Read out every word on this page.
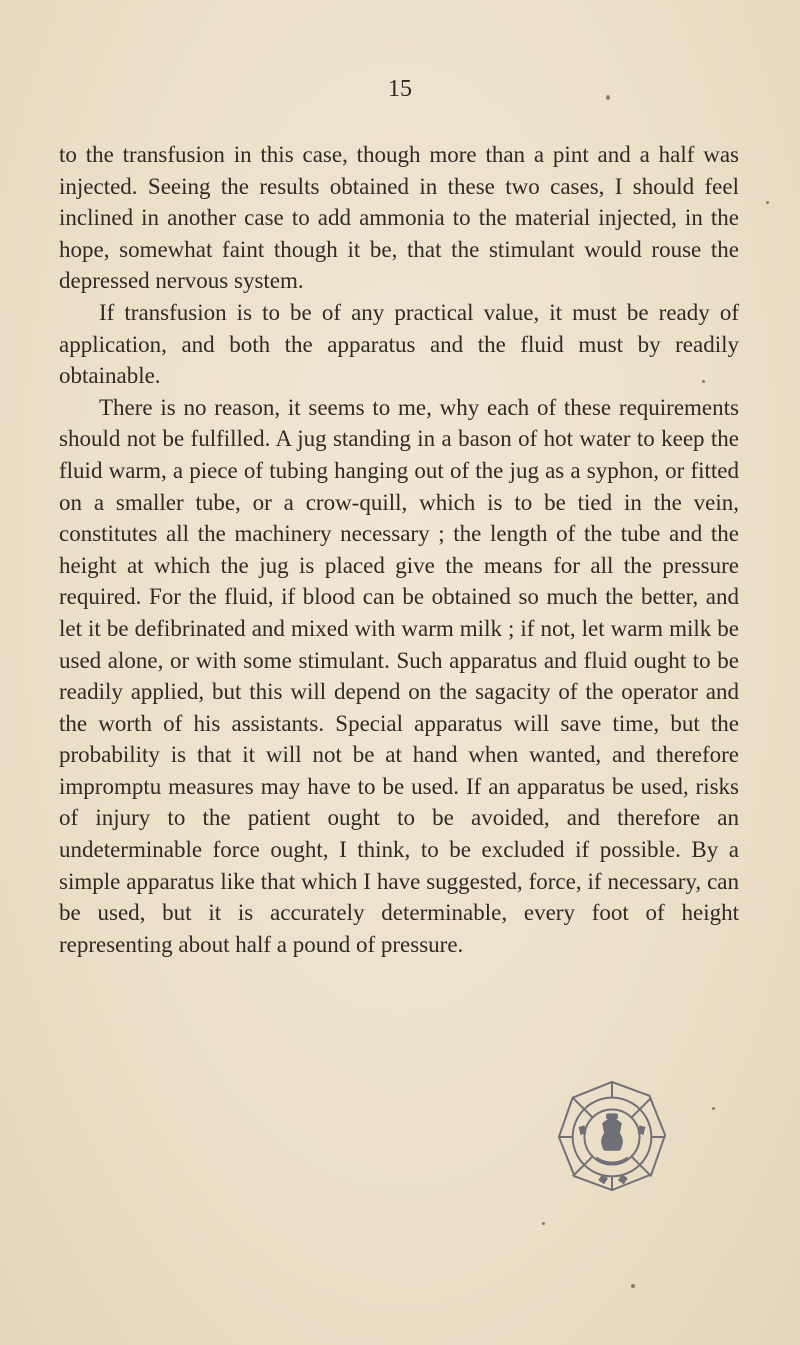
15

to the transfusion in this case, though more than a pint and a half was injected. Seeing the results obtained in these two cases, I should feel inclined in another case to add ammonia to the material injected, in the hope, somewhat faint though it be, that the stimulant would rouse the depressed nervous system.

If transfusion is to be of any practical value, it must be ready of application, and both the apparatus and the fluid must by readily obtainable.

There is no reason, it seems to me, why each of these requirements should not be fulfilled. A jug standing in a bason of hot water to keep the fluid warm, a piece of tubing hanging out of the jug as a syphon, or fitted on a smaller tube, or a crow-quill, which is to be tied in the vein, constitutes all the machinery necessary ; the length of the tube and the height at which the jug is placed give the means for all the pressure required. For the fluid, if blood can be obtained so much the better, and let it be defibrinated and mixed with warm milk ; if not, let warm milk be used alone, or with some stimulant. Such apparatus and fluid ought to be readily applied, but this will depend on the sagacity of the operator and the worth of his assistants. Special apparatus will save time, but the probability is that it will not be at hand when wanted, and therefore impromptu measures may have to be used. If an apparatus be used, risks of injury to the patient ought to be avoided, and therefore an undeterminable force ought, I think, to be excluded if possible. By a simple apparatus like that which I have suggested, force, if necessary, can be used, but it is accurately determinable, every foot of height representing about half a pound of pressure.
